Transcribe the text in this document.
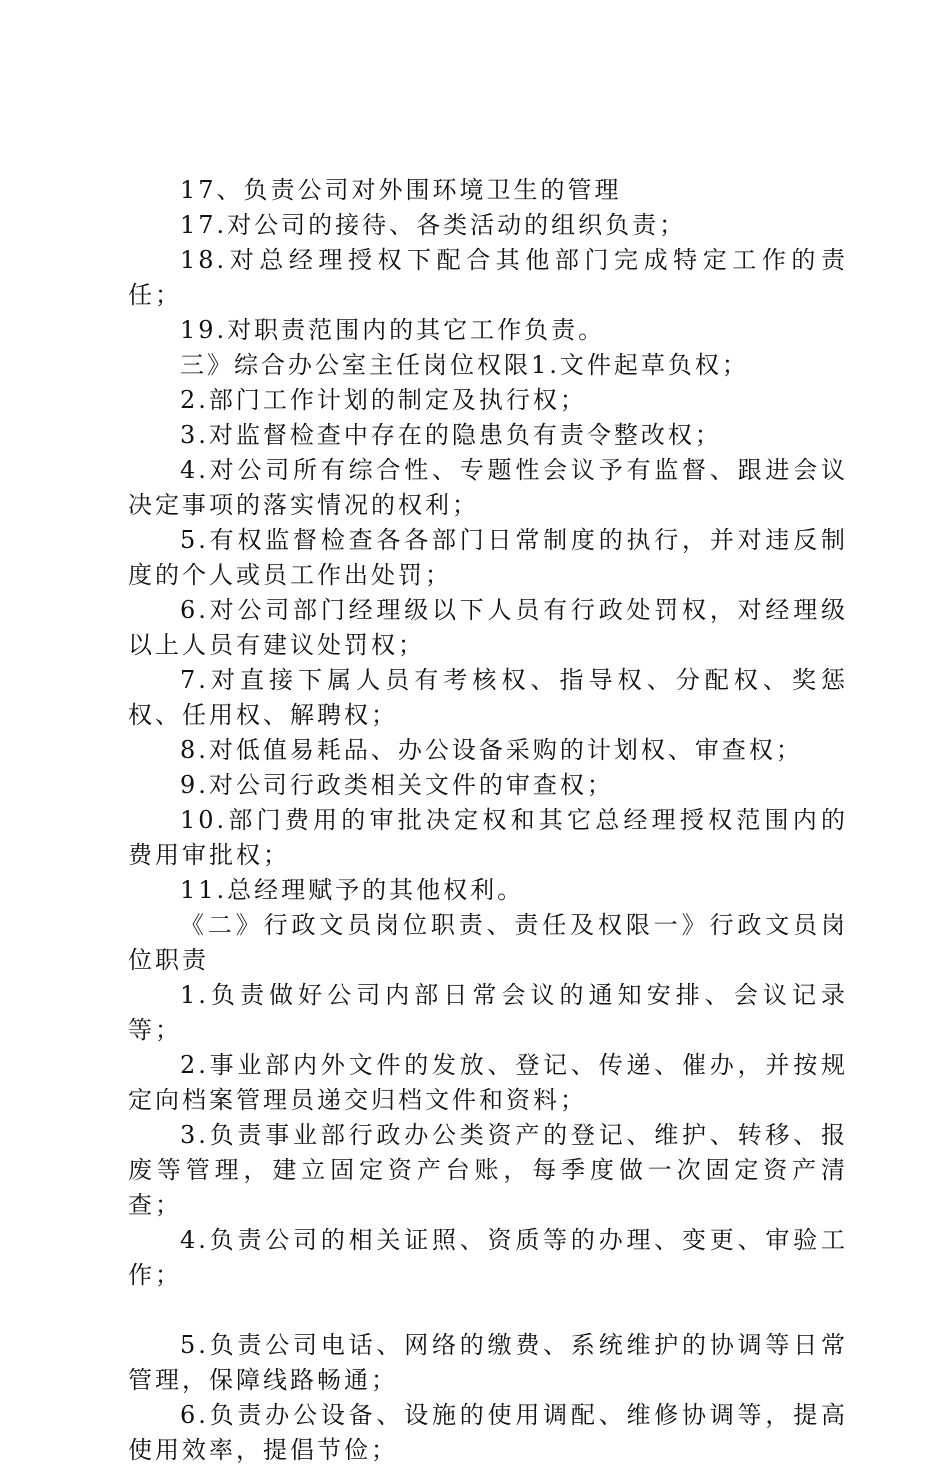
17、负责公司对外围环境卫生的管理

17.对公司的接待、各类活动的组织负责；

18.对总经理授权下配合其他部门完成特定工作的责任；

19.对职责范围内的其它工作负责。

三》综合办公室主任岗位权限1.文件起草负权；

2.部门工作计划的制定及执行权；

3.对监督检查中存在的隐患负有责令整改权；

4.对公司所有综合性、专题性会议予有监督、跟进会议决定事项的落实情况的权利；

5.有权监督检查各各部门日常制度的执行，并对违反制度的个人或员工作出处罚；

6.对公司部门经理级以下人员有行政处罚权，对经理级以上人员有建议处罚权；

7.对直接下属人员有考核权、指导权、分配权、奖惩权、任用权、解聘权；

8.对低值易耗品、办公设备采购的计划权、审查权；

9.对公司行政类相关文件的审查权；

10.部门费用的审批决定权和其它总经理授权范围内的费用审批权；

11.总经理赋予的其他权利。

《二》行政文员岗位职责、责任及权限一》行政文员岗位职责

1.负责做好公司内部日常会议的通知安排、会议记录等；

2.事业部内外文件的发放、登记、传递、催办，并按规定向档案管理员递交归档文件和资料；

3.负责事业部行政办公类资产的登记、维护、转移、报废等管理，建立固定资产台账，每季度做一次固定资产清查；

4.负责公司的相关证照、资质等的办理、变更、审验工作；

5.负责公司电话、网络的缴费、系统维护的协调等日常管理，保障线路畅通；

6.负责办公设备、设施的使用调配、维修协调等，提高使用效率，提倡节俭；
